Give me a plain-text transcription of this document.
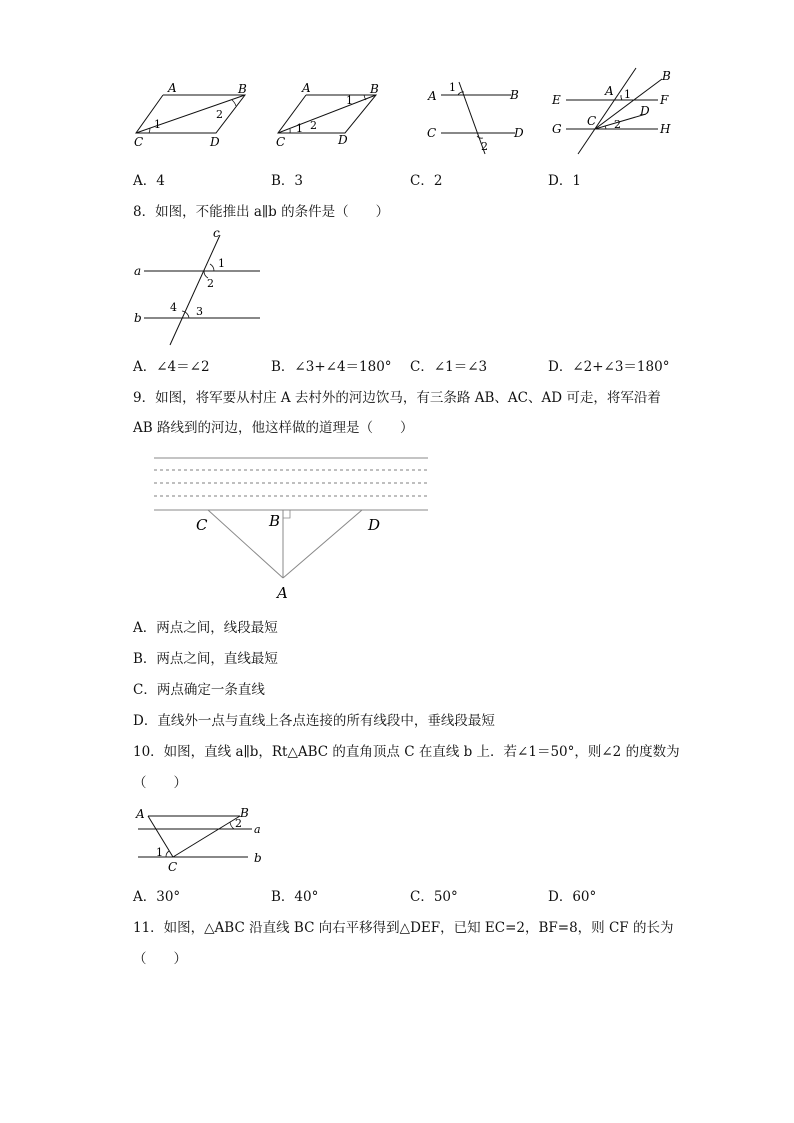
A	B
C	D
1
2
A	B
C	D
1 2
1	A	B
C	D
1
2
E	F
G	H
B
A
D
C
1
2
A．4	B．3	C．2	D．1
8．如图，不能推出 a∥b 的条件是（　　）
c
a
b
1
2
3
4
A．∠4＝∠2	B．∠3+∠4＝180° C．∠1＝∠3	D．∠2+∠3＝180°
9．如图，将军要从村庄 A 去村外的河边饮马，有三条路 AB、AC、AD 可走，将军沿着
AB 路线到的河边，他这样做的道理是（　　）
C	B	D
A
A．两点之间，线段最短
B．两点之间，直线最短
C．两点确定一条直线
D．直线外一点与直线上各点连接的所有线段中，垂线段最短
10．如图，直线 a∥b，Rt△ABC 的直角顶点 C 在直线 b 上．若∠1＝50°，则∠2 的度数为
（　　）
A	B
C
a
b
1
2
A．30°	B．40°	C．50°	D．60°
11．如图，△ABC 沿直线 BC 向右平移得到△DEF，已知 EC=2，BF=8，则 CF 的长为
（　　）
